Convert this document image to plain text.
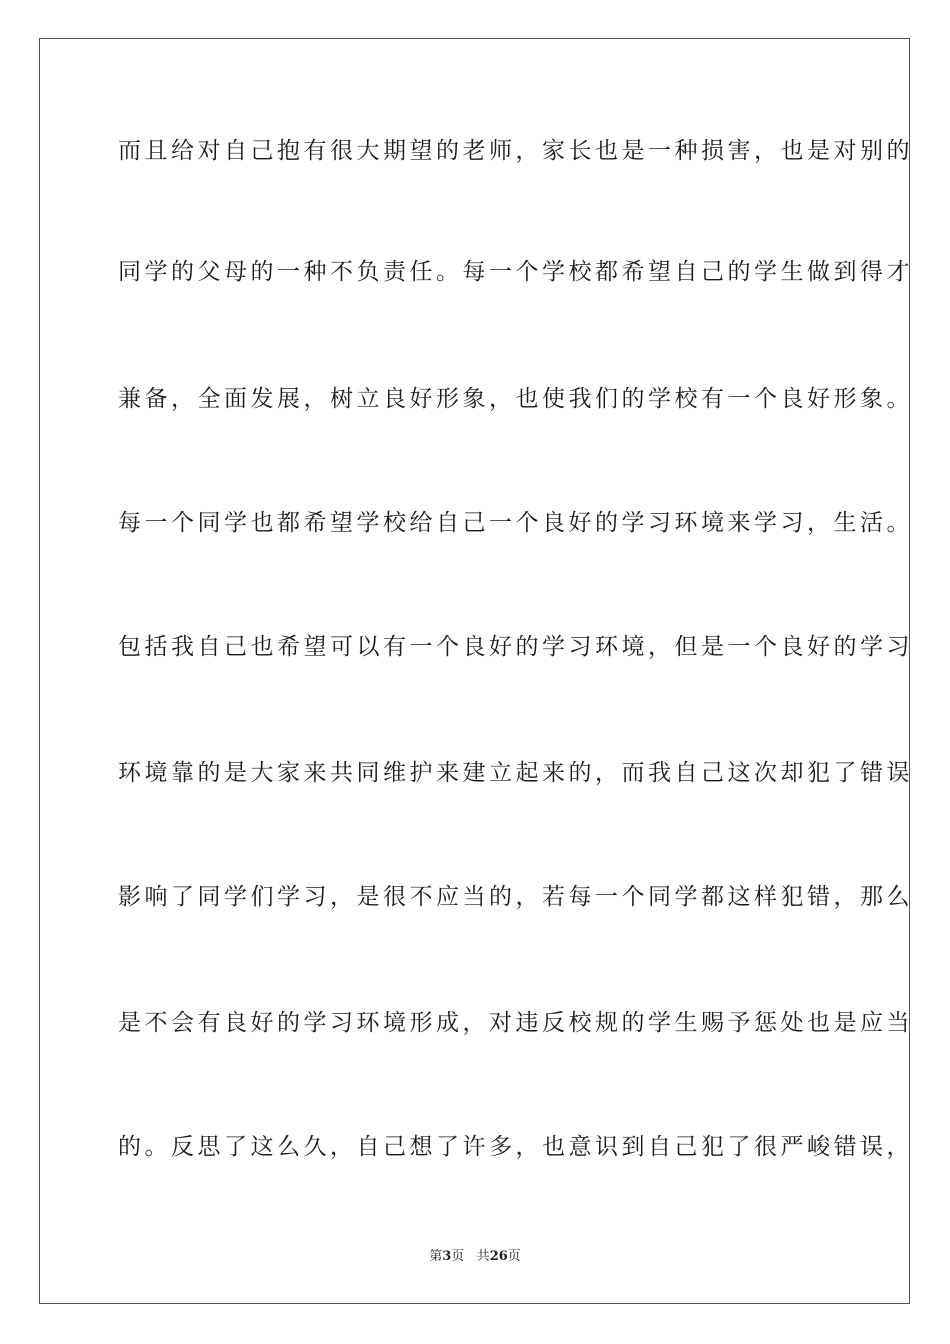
而且给对自己抱有很大期望的老师，家长也是一种损害，也是对别的
同学的父母的一种不负责任。每一个学校都希望自己的学生做到得才
兼备，全面发展，树立良好形象，也使我们的学校有一个良好形象。
每一个同学也都希望学校给自己一个良好的学习环境来学习，生活。
包括我自己也希望可以有一个良好的学习环境，但是一个良好的学习
环境靠的是大家来共同维护来建立起来的，而我自己这次却犯了错误
影响了同学们学习，是很不应当的，若每一个同学都这样犯错，那么
是不会有良好的学习环境形成，对违反校规的学生赐予惩处也是应当
的。反思了这么久，自己想了许多，也意识到自己犯了很严峻错误，
第3页 共26页
